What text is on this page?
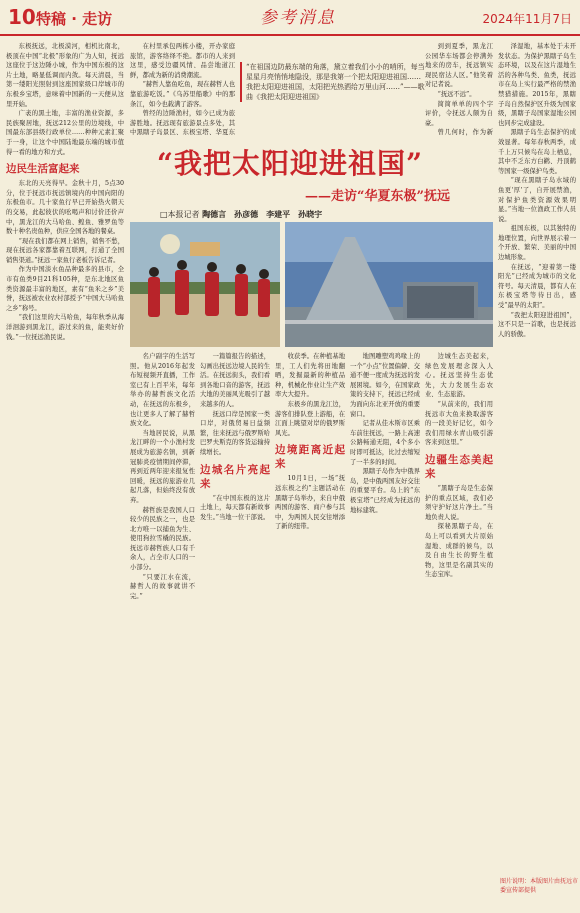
10 特稿 · 走访	参考消息	2024年11月7日

东极抚远，北极漠河，相机比南北，极顶在中国“北极”形象的广为人知，抚远这座位于这边陲小城，作为中国东极的这片土地，略显低调而内敛。每天清晨，当第一缕阳光照射到这座国家级口岸城市的东极乡宝塔，意味着中国新的一天便从这里开始。

广袤的黑土地，丰富的渔业资源，多民族聚居地，抚远212公里的边境线，中国最东部县级行政单位……种种元素汇聚于一身，让这个中国陆地最东端的城市值得一看的地方和方式。

边民生活富起来

东北的天亮得早。金秋十月，5点30分，位于抚远市抚远镇境内的中国向阳的东极鱼市。几十家鱼行早已开始热火朝天的交易，此起彼伏的吆喝声和讨价还价声中，黑龙江的大马哈鱼、鳇鱼、雅罗鱼等数十种名贵鱼种，供应全国各地的餐桌。

“现在我们都在网上销售，销售不愁，现在抚远各家都靠着互联网，打通了全国销售渠道。”抚远一家鱼行老板告诉记者。

作为中国淡水鱼品种最多的县市，全市有鱼类9目21科105种，是东北地区鱼类资源最丰富的地区，素有“鱼米之乡”美誉，抚远被农业农村部授予“中国大马哈鱼之乡”称号。

“我们这里的大马哈鱼，每年秋季从海洋洄游到黑龙江，游过来的鱼，能卖好价钱。”一位抚远渔民说。

在村里承包两栋小楼，开办家庭旅馆，游客络绎不绝。都市的人来到这里，感受边疆风情、品尝地道江鲜，都成为新的消费潮流。

“赫哲人靠鱼吃鱼，现在赫哲人也靠旅游吃饭。”《乌苏里船歌》中的那条江，如今也载满了游客。

曾经的边陲渔村，如今已成为旅游胜地。抚远现有旅游景点多处，其中黑瞎子岛景区、东极宝塔、华夏东

“在祖国边防最东端的角落，黛立着我们小小的哨所，每当星星月亮悄悄地隐没，那是我第一个把太阳迎进祖国……我把太阳迎进祖国，太阳把光热洒给万里山河……”——歌曲《我把太阳迎进祖国》

到到夏季，黑龙江公园华车场都会停满外地来的房车，抚远镇实现民宿达人区。”他笑着对记者说。

“抚远不远”。

简简单单的四个字评价，令抚远人颇为自豪。

曾几何时，作为新

泽湿地，基本处于未开发状态。为保护黑瞎子岛生态环境，以及在这片湿地生活的各种鸟类、鱼类，抚远市在岛上实行最严格的禁渔禁猎措施。2015年，黑瞎子岛自然保护区升级为国家级，黑瞎子岛国家湿地公园也同步完成建设。

黑瞎子岛生态保护的成效显著。每年春秋两季，成千上万只候鸟在岛上栖息，其中不乏东方白鹳、丹顶鹤等国家一级保护鸟类。

“现在黑瞎子岛水域的鱼更‘厚’了，自开展禁渔，对保护鱼类资源效果明显。”当地一位渔政工作人员说。

祖国东极，以其独特的地理位置，向世界展示着一个开放、繁荣、美丽的中国边城形象。

在抚远，“迎着第一缕阳光”已经成为城市的文化符号。每天清晨，都有人在东极宝塔等待日出，感受“最早的太阳”。

“我把太阳迎进祖国”，这不只是一首歌，也是抚远人的骄傲。

“我把太阳迎进祖国”
——走访“华夏东极”抚远
□本报记者 陶德言　孙彦德　李建平　孙晓宇

名户副字的生活写照。他从2016年起发布短视频开直播，工作室已有上百平米，每年举办的赫哲族文化活动，在抚远的东极乡，也让更多人了解了赫哲族文化。

当地居民说，从黑龙江畔的一个小渔村发展成为旅游名镇，到新冠肺炎疫情期间停滞，再到近两年迎来报复性回暖，抚远的旅游业几起几落，但始终没有放弃。

赫哲族是我国人口较少的民族之一，也是北方唯一以捕鱼为生、使用狗拉雪橇的民族。抚远市赫哲族人口有千余人，占全市人口的一小部分。

“只要江水在流，赫哲人的故事就讲不完。”

一篇篇报告的描述，勾画出抚远边境人民的生活。在抚远街头，我们看到各地口音的游客，抚远大地的美丽风光吸引了越来越多的人。

抚远口岸是国家一类口岸，对俄贸易日益频繁，往来抚远与俄罗斯哈巴罗夫斯克的客货运输持续增长。

边城名片亮起来

“在中国东极的这片土地上，每天都有新故事发生。”当地一位干部说。

收获季。在种植基地里，工人们先将田地翻晒，发掘最新的种植品种，机械化作业让生产效率大大提升。

东极乡的黑龙江边，游客们排队登上游船，在江面上眺望对岸的俄罗斯风光。

边境距离近起来

10月1日，一场“抚远东极之约”主题活动在黑瞎子岛举办，来自中俄两国的游客、商户参与其中，为两国人民交往增添了新的纽带。

地图雕塑鸡鸡喙上的一个“小点”位置偏僻、交通不便一度成为抚远的发展困境。如今，在国家政策的支持下，抚远已经成为面向东北亚开放的重要窗口。

记者从佳木斯市区乘车前往抚远，一路上高速公路畅通无阻，4个多小时即可抵达，比过去缩短了一半多的时间。

黑瞎子岛作为中俄界岛，是中俄两国友好交往的重要平台。岛上的“东极宝塔”已经成为抚远的地标建筑。

边城生态美起来，绿色发展理念深入人心。抚远坚持生态优先，大力发展生态农业、生态旅游。

“从前来的，我们用抚远市大鱼来换取游客的一段美好记忆，如今我们用绿水青山吸引游客来到这里。”

边疆生态美起来

“黑瞎子岛是生态保护的重点区域，我们必须守护好这片净土。”当地负责人说。

探秘黑瞎子岛，在岛上可以看到大片原始湿地、成群的候鸟，以及自由生长的野生植物，这里是名副其实的生态宝库。

图片说明：本版图片由抚远市委宣传部提供
